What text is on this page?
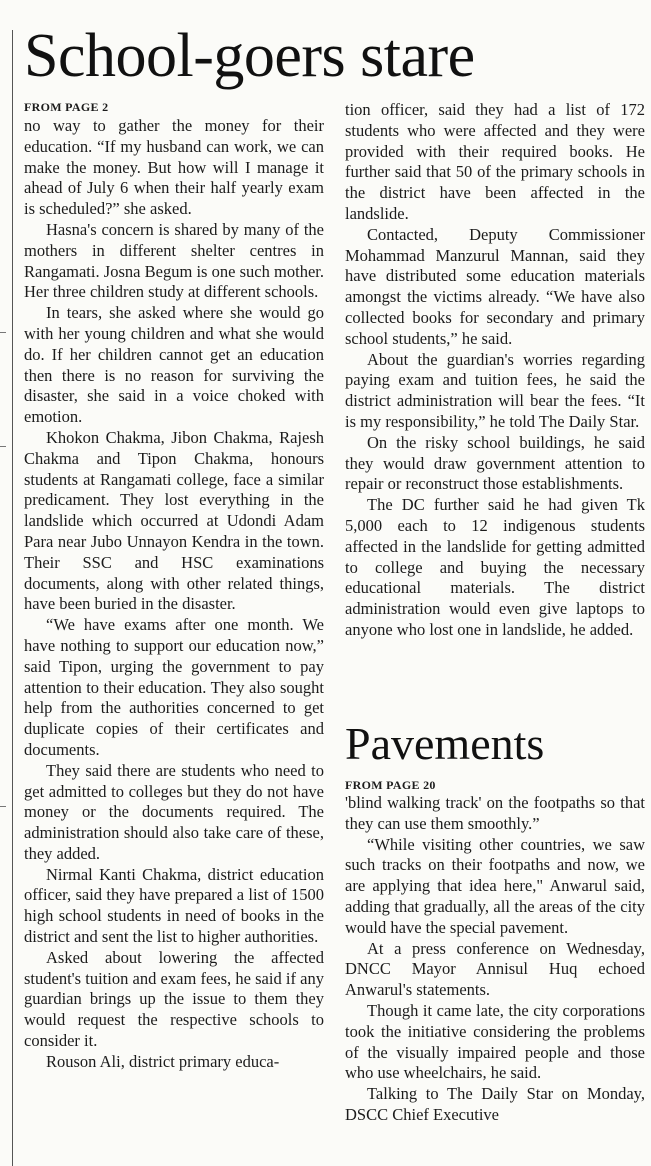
School-goers stare
FROM PAGE 2

no way to gather the money for their education. “If my husband can work, we can make the money. But how will I manage it ahead of July 6 when their half yearly exam is scheduled?” she asked.

Hasna's concern is shared by many of the mothers in different shelter centres in Rangamati. Josna Begum is one such mother. Her three children study at different schools.

In tears, she asked where she would go with her young children and what she would do. If her children cannot get an education then there is no reason for surviving the disaster, she said in a voice choked with emotion.

Khokon Chakma, Jibon Chakma, Rajesh Chakma and Tipon Chakma, honours students at Rangamati college, face a similar predicament. They lost everything in the landslide which occurred at Udondi Adam Para near Jubo Unnayon Kendra in the town. Their SSC and HSC examinations documents, along with other related things, have been buried in the disaster.

“We have exams after one month. We have nothing to support our education now,” said Tipon, urging the government to pay attention to their education. They also sought help from the authorities concerned to get duplicate copies of their certificates and documents.

They said there are students who need to get admitted to colleges but they do not have money or the documents required. The administration should also take care of these, they added.

Nirmal Kanti Chakma, district education officer, said they have prepared a list of 1500 high school students in need of books in the district and sent the list to higher authorities.

Asked about lowering the affected student's tuition and exam fees, he said if any guardian brings up the issue to them they would request the respective schools to consider it.

Rouson Ali, district primary educa-

tion officer, said they had a list of 172 students who were affected and they were provided with their required books. He further said that 50 of the primary schools in the district have been affected in the landslide.

Contacted, Deputy Commissioner Mohammad Manzurul Mannan, said they have distributed some education materials amongst the victims already. “We have also collected books for secondary and primary school students,” he said.

About the guardian's worries regarding paying exam and tuition fees, he said the district administration will bear the fees. “It is my responsibility,” he told The Daily Star.

On the risky school buildings, he said they would draw government attention to repair or reconstruct those establishments.

The DC further said he had given Tk 5,000 each to 12 indigenous students affected in the landslide for getting admitted to college and buying the necessary educational materials. The district administration would even give laptops to anyone who lost one in landslide, he added.

Pavements
FROM PAGE 20

'blind walking track' on the footpaths so that they can use them smoothly.”

“While visiting other countries, we saw such tracks on their footpaths and now, we are applying that idea here," Anwarul said, adding that gradually, all the areas of the city would have the special pavement.

At a press conference on Wednesday, DNCC Mayor Annisul Huq echoed Anwarul's statements.

Though it came late, the city corporations took the initiative considering the problems of the visually impaired people and those who use wheelchairs, he said.

Talking to The Daily Star on Monday, DSCC Chief Executive
